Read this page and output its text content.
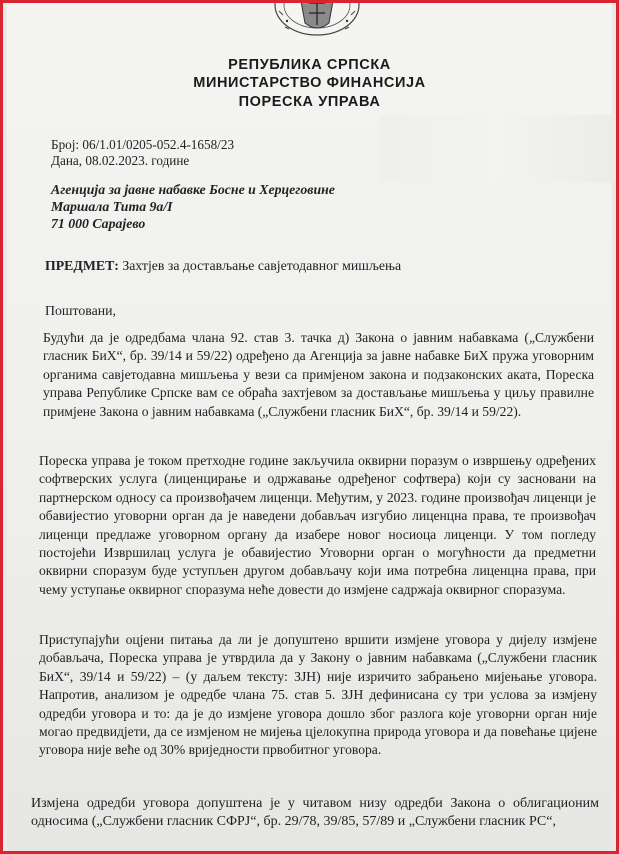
РЕПУБЛИКА СРПСКА
МИНИСТАРСТВО ФИНАНСИЈА
ПОРЕСКА УПРАВА
Број: 06/1.01/0205-052.4-1658/23
Дана, 08.02.2023. године
Агенција за јавне набавке Босне и Херцеговине
Маршала Тита 9а/I
71 000 Сарајево
ПРЕДМЕТ: Захтјев за достављање савјетодавног мишљења
Поштовани,
Будући да је одредбама члана 92. став 3. тачка д) Закона о јавним набавкама („Службени гласник БиХ“, бр. 39/14 и 59/22) одређено да Агенција за јавне набавке БиХ пружа уговорним органима савјетодавна мишљења у вези са примјеном закона и подзаконских аката, Пореска управа Републике Српске вам се обраћа захтјевом за достављање мишљења у циљу правилне примјене Закона о јавним набавкама („Службени гласник БиХ“, бр. 39/14 и 59/22).
Пореска управа је током претходне године закључила оквирни поразум о извршењу одређених софтверских услуга (лиценцирање и одржавање одређеног софтвера) који су засновани на партнерском односу са произвођачем лиценци. Међутим, у 2023. године произвођач лиценци је обавијестио уговорни орган да је наведени добављач изгубио лиценцна права, те произвођач лиценци предлаже уговорном органу да изабере новог носиоца лиценци. У том погледу постојећи Извршилац услуга је обавијестио Уговорни орган о могућности да предметни оквирни споразум буде уступљен другом добављачу који има потребна лиценцна права, при чему уступање оквирног споразума неће довести до измјене садржаја оквирног споразума.
Приступајући оцјени питања да ли је допуштено вршити измјене уговора у дијелу измјене добављача, Пореска управа је утврдила да у Закону о јавним набавкама („Службени гласник БиХ“, 39/14 и 59/22) – (у даљем тексту: ЗЈН) није изричито забрањено мијењање уговора. Напротив, анализом је одредбе члана 75. став 5. ЗЈН дефинисана су три услова за измјену одредби уговора и то: да је до измјене уговора дошло због разлога које уговорни орган није могао предвидјети, да се измјеном не мијења цјелокупна природа уговора и да повећање цијене уговора није веће од 30% вриједности првобитног уговора.
Измјена одредби уговора допуштена је у читавом низу одредби Закона о облигационим односима („Службени гласник СФРЈ“, бр. 29/78, 39/85, 57/89 и „Службени гласник РС“,
